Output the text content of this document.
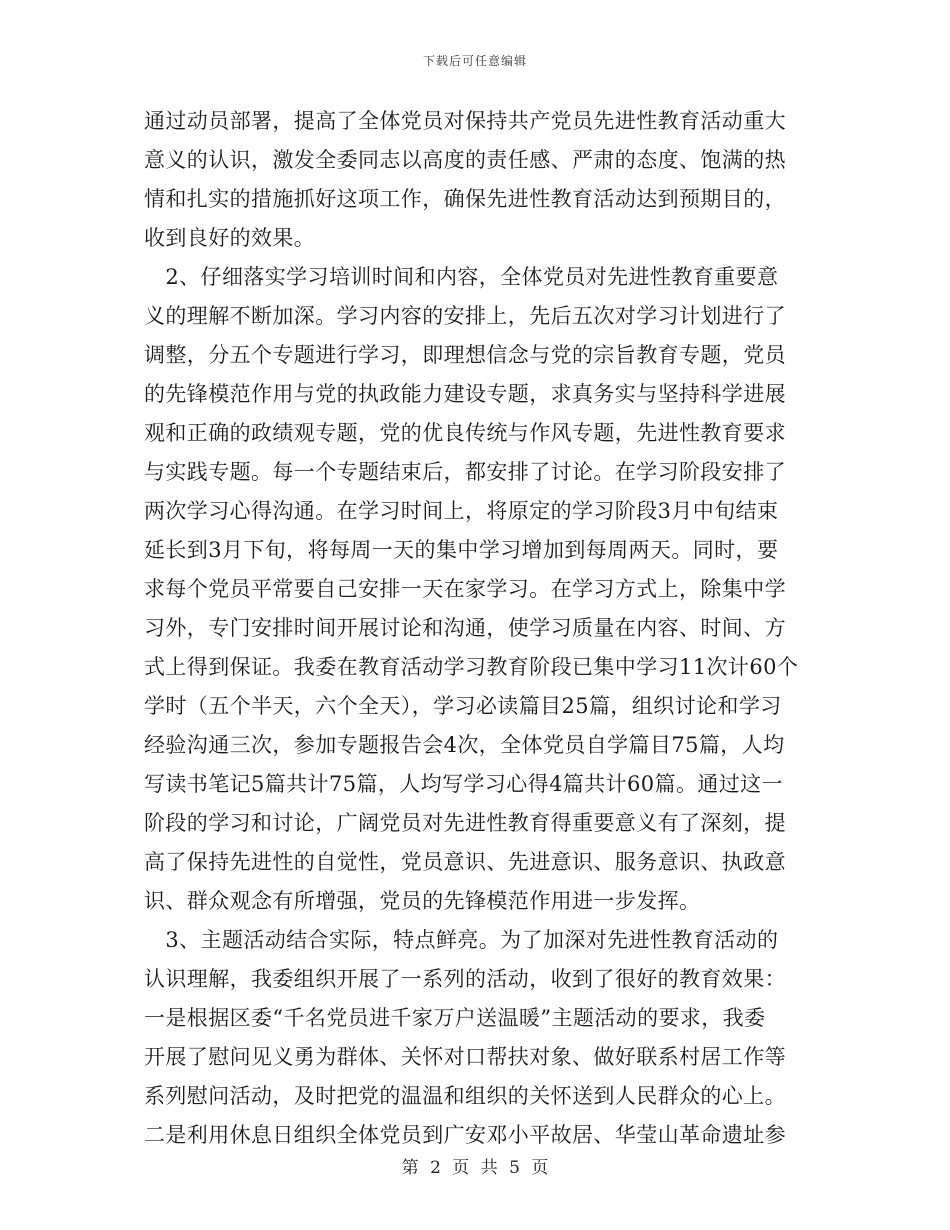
下载后可任意编辑
通过动员部署，提高了全体党员对保持共产党员先进性教育活动重大
意义的认识，激发全委同志以高度的责任感、严肃的态度、饱满的热
情和扎实的措施抓好这项工作，确保先进性教育活动达到预期目的，
收到良好的效果。
　2、仔细落实学习培训时间和内容，全体党员对先进性教育重要意
义的理解不断加深。学习内容的安排上，先后五次对学习计划进行了
调整，分五个专题进行学习，即理想信念与党的宗旨教育专题，党员
的先锋模范作用与党的执政能力建设专题，求真务实与坚持科学进展
观和正确的政绩观专题，党的优良传统与作风专题，先进性教育要求
与实践专题。每一个专题结束后，都安排了讨论。在学习阶段安排了
两次学习心得沟通。在学习时间上，将原定的学习阶段3月中旬结束
延长到3月下旬，将每周一天的集中学习增加到每周两天。同时，要
求每个党员平常要自己安排一天在家学习。在学习方式上，除集中学
习外，专门安排时间开展讨论和沟通，使学习质量在内容、时间、方
式上得到保证。我委在教育活动学习教育阶段已集中学习11次计60个
学时（五个半天，六个全天），学习必读篇目25篇，组织讨论和学习
经验沟通三次，参加专题报告会4次，全体党员自学篇目75篇，人均
写读书笔记5篇共计75篇，人均写学习心得4篇共计60篇。通过这一
阶段的学习和讨论，广阔党员对先进性教育得重要意义有了深刻，提
高了保持先进性的自觉性，党员意识、先进意识、服务意识、执政意
识、群众观念有所增强，党员的先锋模范作用进一步发挥。
　3、主题活动结合实际，特点鲜亮。为了加深对先进性教育活动的
认识理解，我委组织开展了一系列的活动，收到了很好的教育效果：
一是根据区委“千名党员进千家万户送温暖”主题活动的要求，我委
开展了慰问见义勇为群体、关怀对口帮扶对象、做好联系村居工作等
系列慰问活动，及时把党的温温和组织的关怀送到人民群众的心上。
二是利用休息日组织全体党员到广安邓小平故居、华莹山革命遗址参
第 2 页 共 5 页
